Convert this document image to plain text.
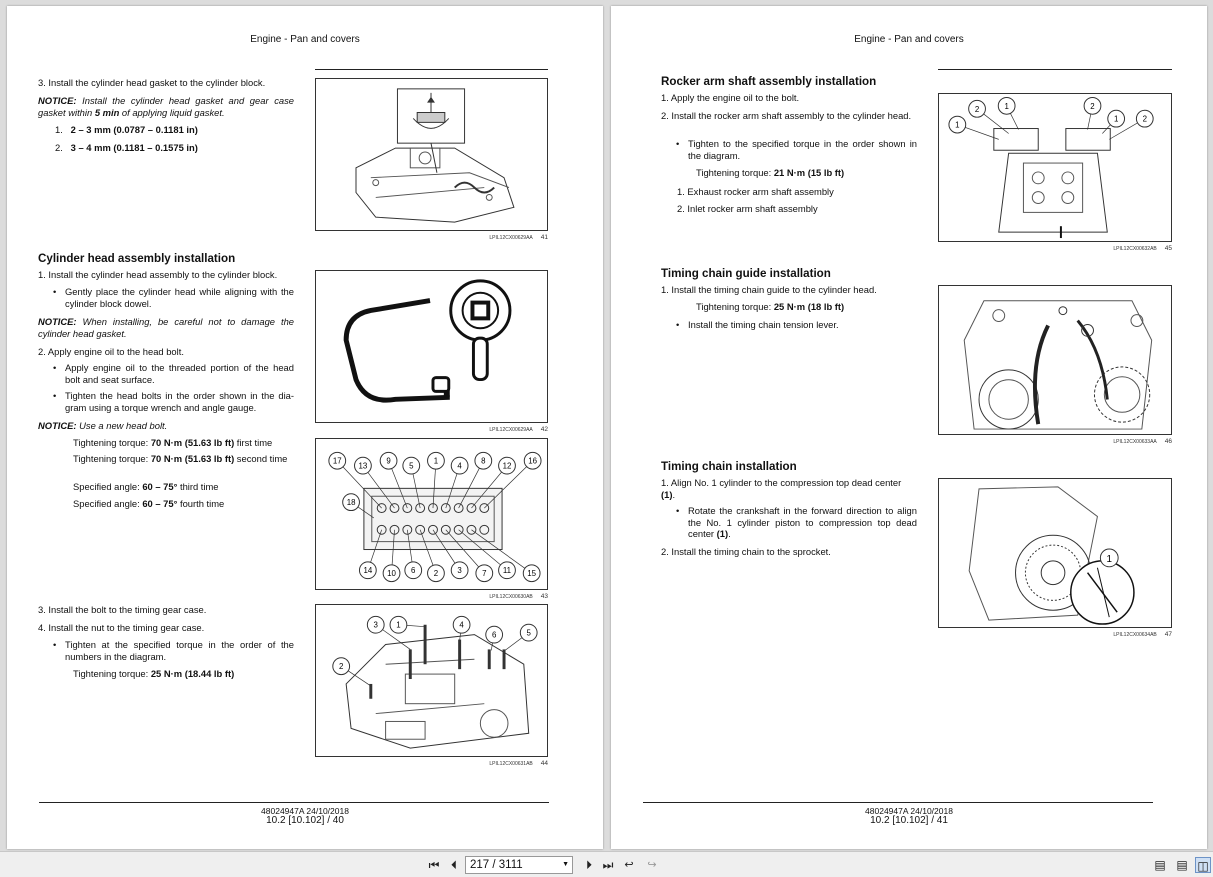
Engine - Pan and covers
3. Install the cylinder head gasket to the cylinder block.
NOTICE: Install the cylinder head gasket and gear case gasket within 5 min of applying liquid gasket.
1. 2 – 3 mm (0.0787 – 0.1181 in)
2. 3 – 4 mm (0.1181 – 0.1575 in)
LPIL12CX00629AA 41
Cylinder head assembly installation
1. Install the cylinder head assembly to the cylinder block.
• Gently place the cylinder head while aligning with the cylinder block dowel.
NOTICE: When installing, be careful not to damage the cylinder head gasket.
2. Apply engine oil to the head bolt.
• Apply engine oil to the threaded portion of the head bolt and seat surface.
• Tighten the head bolts in the order shown in the dia-gram using a torque wrench and angle gauge.
NOTICE: Use a new head bolt.
Tightening torque: 70 N·m (51.63 lb ft) first time
Tightening torque: 70 N·m (51.63 lb ft) second time
Specified angle: 60 – 75° third time
Specified angle: 60 – 75° fourth time
LPIL12CX00629AA 42
17
13
9
5
1
4
8
12
16
18
14 10 6 2 3	7 11 15
LPIL12CX00630AB 43
3. Install the bolt to the timing gear case.
4. Install the nut to the timing gear case.
• Tighten at the specified torque in the order of the numbers in the diagram.
Tightening torque: 25 N·m (18.44 lb ft)
3 1	4
6	5
2
LPIL12CX00631AB 44
48024947A 24/10/2018
10.2 [10.102] / 40
Engine - Pan and covers
Rocker arm shaft assembly installation
1. Apply the engine oil to the bolt.
2. Install the rocker arm shaft assembly to the cylinder head.
• Tighten to the specified torque in the order shown in the diagram.
Tightening torque: 21 N·m (15 lb ft)
1. Exhaust rocker arm shaft assembly
2. Inlet rocker arm shaft assembly
1
2	1	2
1	2
LPIL12CX00632AB 45
Timing chain guide installation
1. Install the timing chain guide to the cylinder head.
Tightening torque: 25 N·m (18 lb ft)
• Install the timing chain tension lever.
LPIL12CX00633AA 46
Timing chain installation
1. Align No. 1 cylinder to the compression top dead center (1).
• Rotate the crankshaft in the forward direction to align the No. 1 cylinder piston to compression top dead center (1).
2. Install the timing chain to the sprocket.
1
LPIL12CX00634AB 47
48024947A 24/10/2018
10.2 [10.102] / 41
⏮ ⏴	217 / 3111	▼	⏵ ⏭ ↩	↪	▤ ▤ ◫
